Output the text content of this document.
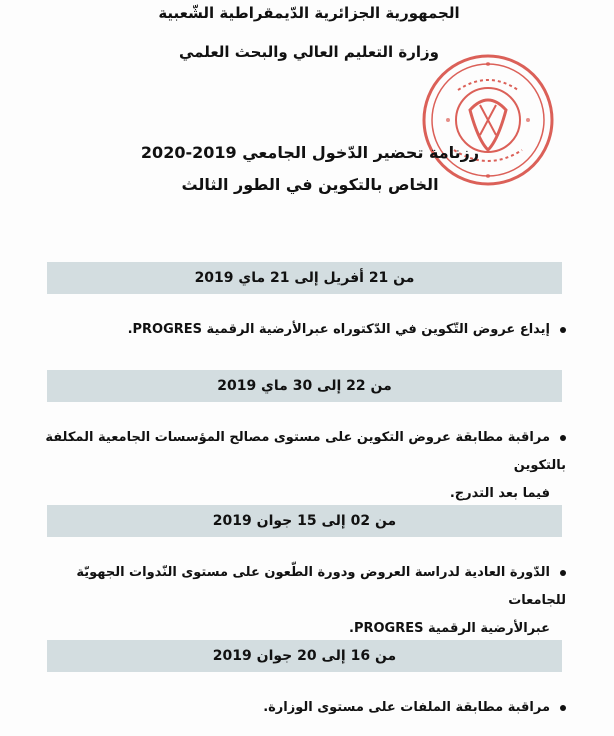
الجمهورية الجزائرية الدّيمقراطية الشّعبية
وزارة التعليم العالي والبحث العلمي
رزنامة تحضير الدّخول الجامعي 2019-2020
الخاص بالتكوين في الطور الثالث
من 21 أفريل إلى 21 ماي 2019
إيداع عروض التّكوين في الدّكتوراه عبرالأرضية الرقمية PROGRES.
من 22 إلى 30 ماي 2019
مراقبة مطابقة عروض التكوين على مستوى مصالح المؤسسات الجامعية المكلفة بالتكوين
فيما بعد التدرج.
من 02 إلى 15 جوان 2019
الدّورة العادية لدراسة العروض ودورة الطّعون على مستوى النّدوات الجهويّة للجامعات
عبرالأرضية الرقمية PROGRES.
من 16 إلى 20 جوان 2019
مراقبة مطابقة الملفات على مستوى الوزارة.
